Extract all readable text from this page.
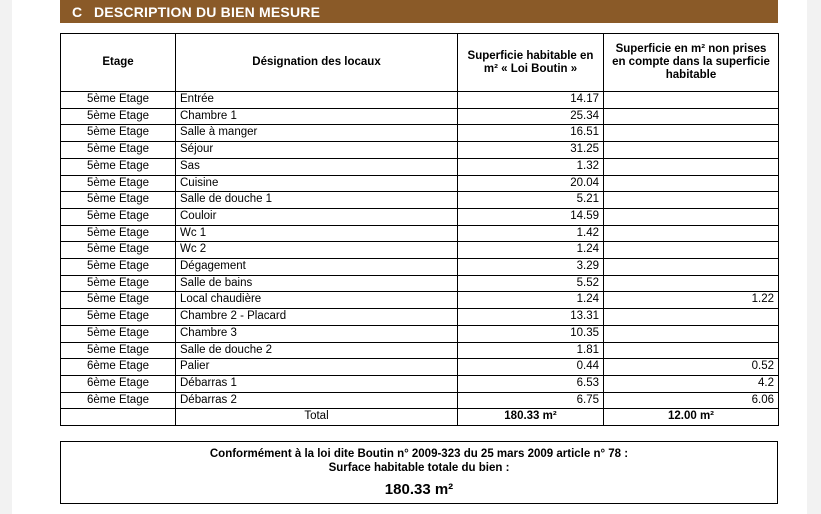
C DESCRIPTION DU BIEN MESURE
Etage	Désignation des locaux	Superficie habitable en m² « Loi Boutin »	Superficie en m² non prises en compte dans la superficie habitable
5ème Etage	Entrée	14.17	
5ème Etage	Chambre 1	25.34	
5ème Etage	Salle à manger	16.51	
5ème Etage	Séjour	31.25	
5ème Etage	Sas	1.32	
5ème Etage	Cuisine	20.04	
5ème Etage	Salle de douche 1	5.21	
5ème Etage	Couloir	14.59	
5ème Etage	Wc 1	1.42	
5ème Etage	Wc 2	1.24	
5ème Etage	Dégagement	3.29	
5ème Etage	Salle de bains	5.52	
5ème Etage	Local chaudière	1.24	1.22
5ème Etage	Chambre 2 - Placard	13.31	
5ème Etage	Chambre 3	10.35	
5ème Etage	Salle de douche 2	1.81	
6ème Etage	Palier	0.44	0.52
6ème Etage	Débarras 1	6.53	4.2
6ème Etage	Débarras 2	6.75	6.06
	Total	180.33 m²	12.00 m²
Conformément à la loi dite Boutin n° 2009-323 du 25 mars 2009 article n° 78 :
Surface habitable totale du bien :
180.33 m²
